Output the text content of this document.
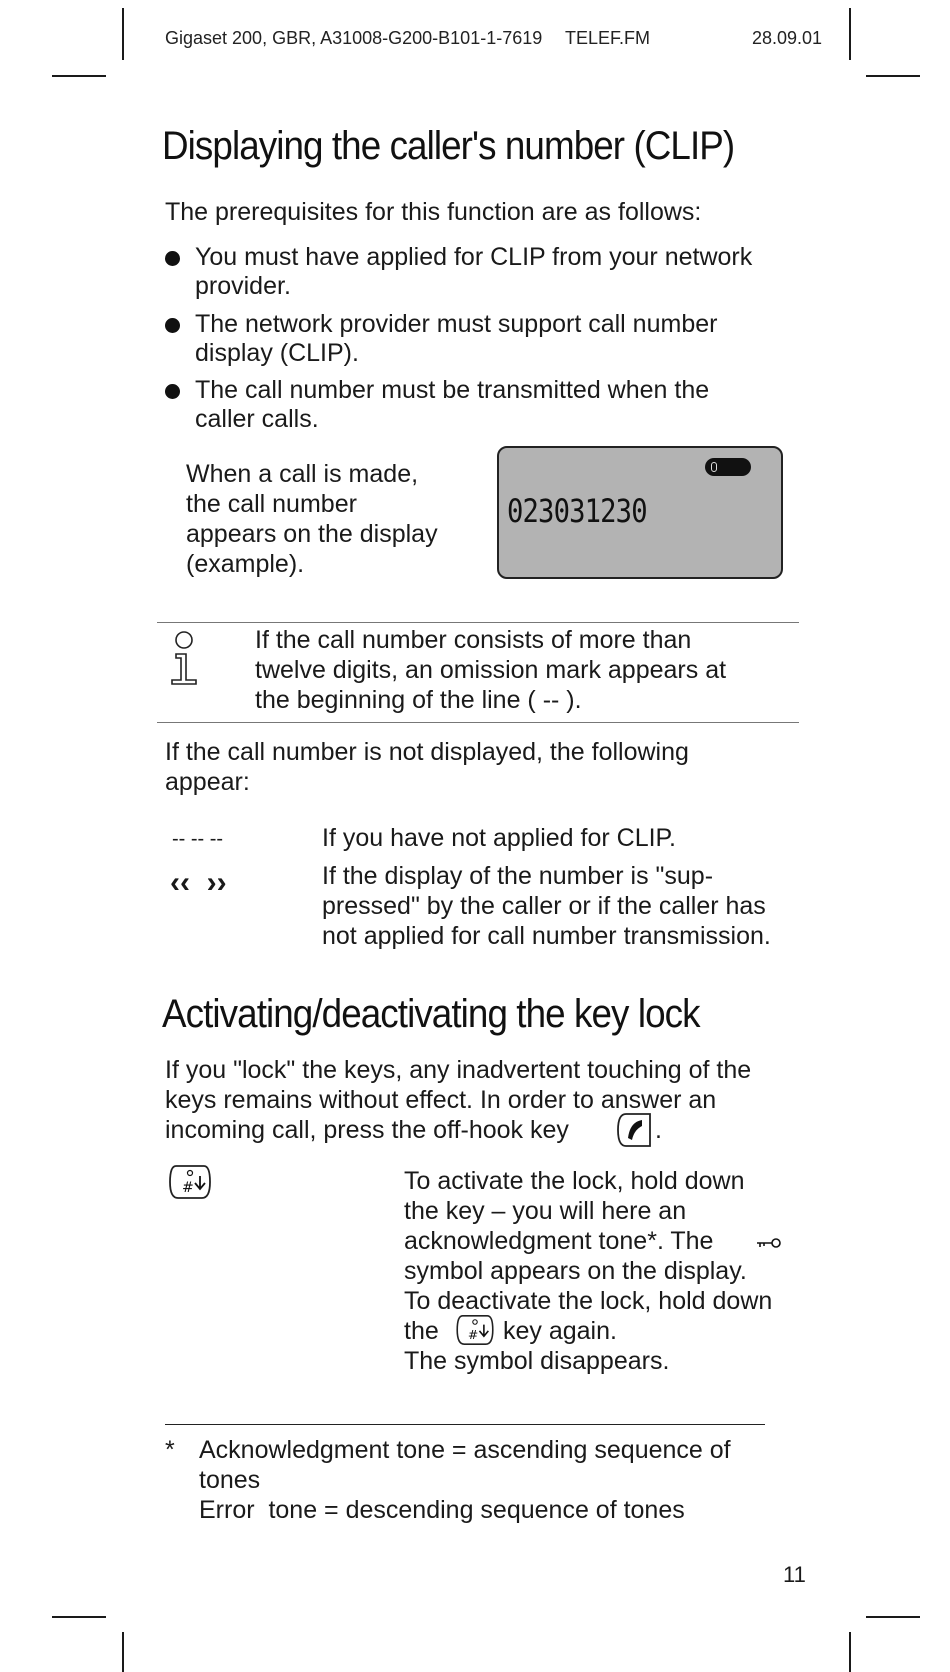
Gigaset 200, GBR, A31008-G200-B101-1-7619 TELEF.FM	28.09.01
Displaying the caller's number (CLIP)
The prerequisites for this function are as follows:
You must have applied for CLIP from your network
provider.
The network provider must support call number
display (CLIP).
The call number must be transmitted when the
caller calls.
When a call is made,
the call number
appears on the display
(example).
023031230
If the call number consists of more than
twelve digits, an omission mark appears at
the beginning of the line ( -- ).
If the call number is not displayed, the following
appear:
-- -- --	If you have not applied for CLIP.
‹‹  ››	If the display of the number is "sup-
pressed" by the caller or if the caller has
not applied for call number transmission.
Activating/deactivating the key lock
If you "lock" the keys, any inadvertent touching of the
keys remains without effect. In order to answer an
incoming call, press the off-hook key	.
#	To activate the lock, hold down
the key – you will here an
acknowledgment tone*. The
symbol appears on the display.
To deactivate the lock, hold down
the # key again.
The symbol disappears.
* Acknowledgment tone = ascending sequence of
tones
Error  tone = descending sequence of tones
11
